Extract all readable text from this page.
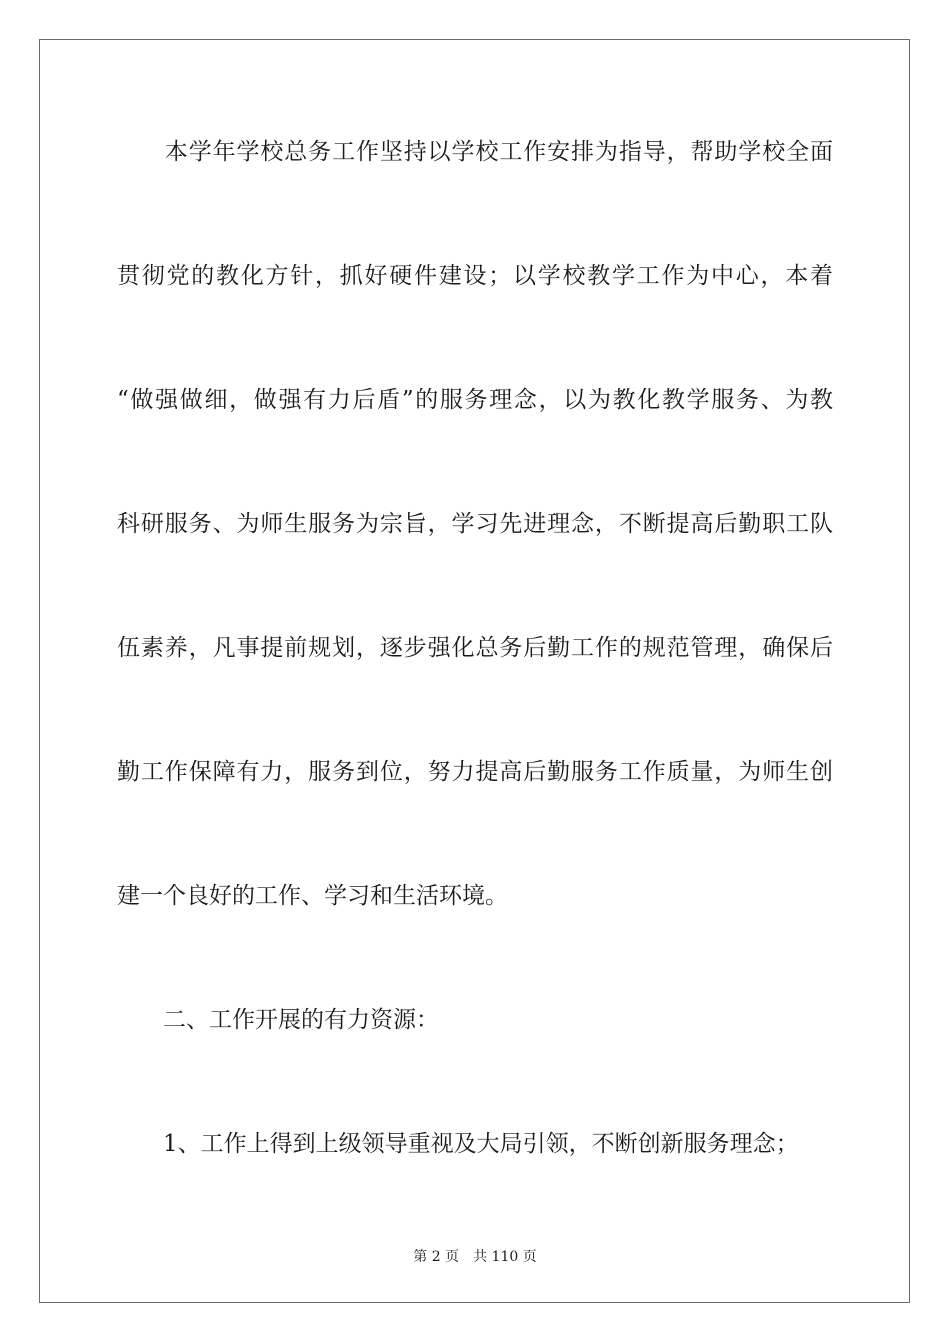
　　本学年学校总务工作坚持以学校工作安排为指导，帮助学校全面
贯彻党的教化方针，抓好硬件建设；以学校教学工作为中心，本着
“做强做细，做强有力后盾”的服务理念，以为教化教学服务、为教
科研服务、为师生服务为宗旨，学习先进理念，不断提高后勤职工队
伍素养，凡事提前规划，逐步强化总务后勤工作的规范管理，确保后
勤工作保障有力，服务到位，努力提高后勤服务工作质量，为师生创
建一个良好的工作、学习和生活环境。
　　二、工作开展的有力资源：
　　1、工作上得到上级领导重视及大局引领，不断创新服务理念；
第 2 页 共 110 页
